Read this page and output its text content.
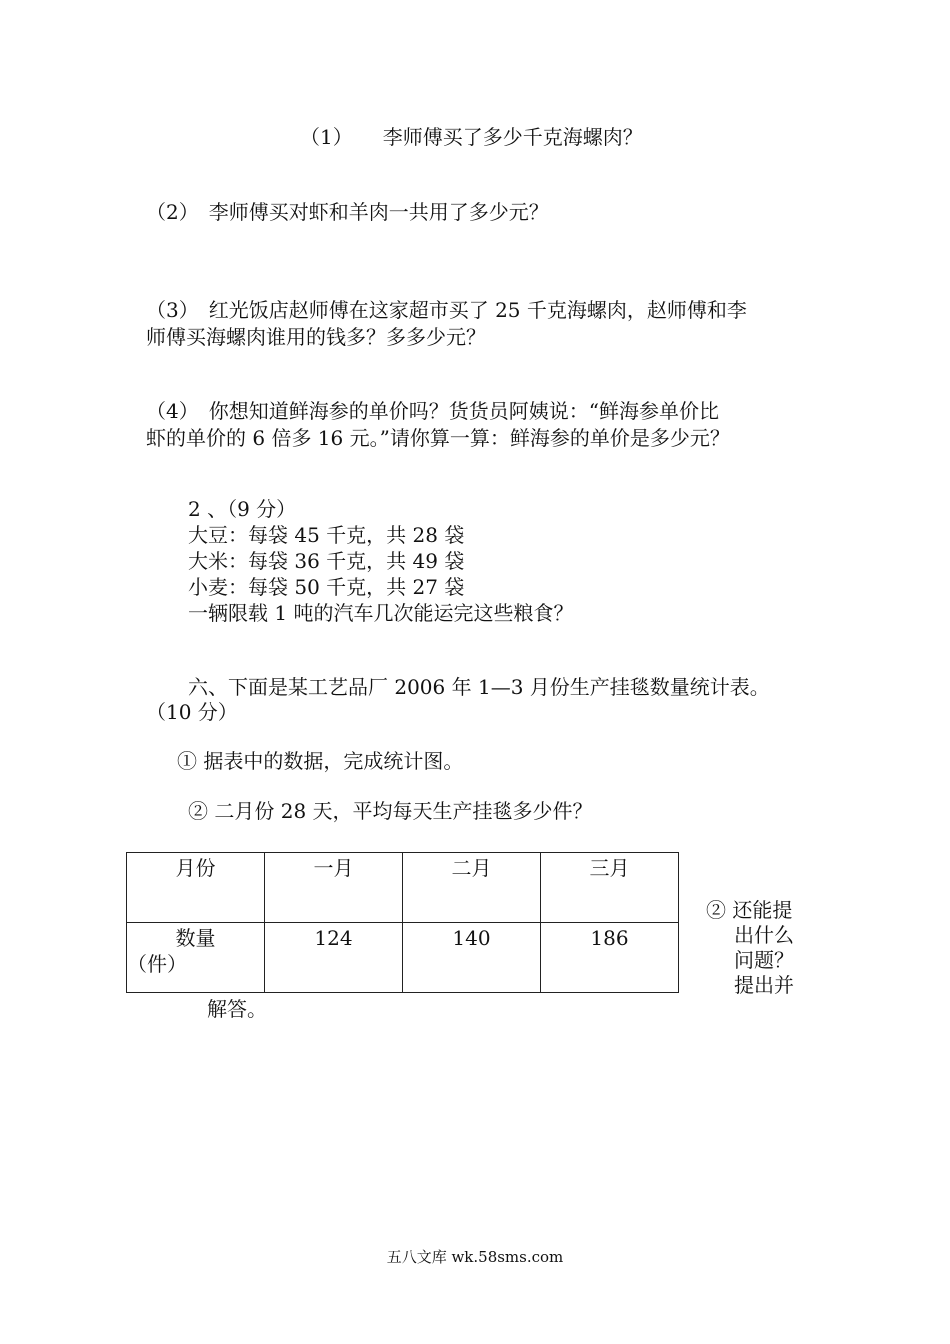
（1）　　李师傅买了多少千克海螺肉？
（2）　李师傅买对虾和羊肉一共用了多少元？
（3）　红光饭店赵师傅在这家超市买了 25 千克海螺肉，赵师傅和李
师傅买海螺肉谁用的钱多？多多少元？
（4）　你想知道鲜海参的单价吗？货货员阿姨说：“鲜海参单价比
虾的单价的 6 倍多 16 元。”请你算一算：鲜海参的单价是多少元？
2 、（9 分）
大豆：每袋 45 千克，共 28 袋
大米：每袋 36 千克，共 49 袋
小麦：每袋 50 千克，共 27 袋
一辆限载 1 吨的汽车几次能运完这些粮食？
六、下面是某工艺品厂 2006 年 1—3 月份生产挂毯数量统计表。
（10 分）
① 据表中的数据，完成统计图。
② 二月份 28 天，平均每天生产挂毯多少件？
月份	一月	二月	三月

数量
（件）	124	140	186
② 还能提
出什么
问题？
提出并
解答。
五八文库 wk.58sms.com
